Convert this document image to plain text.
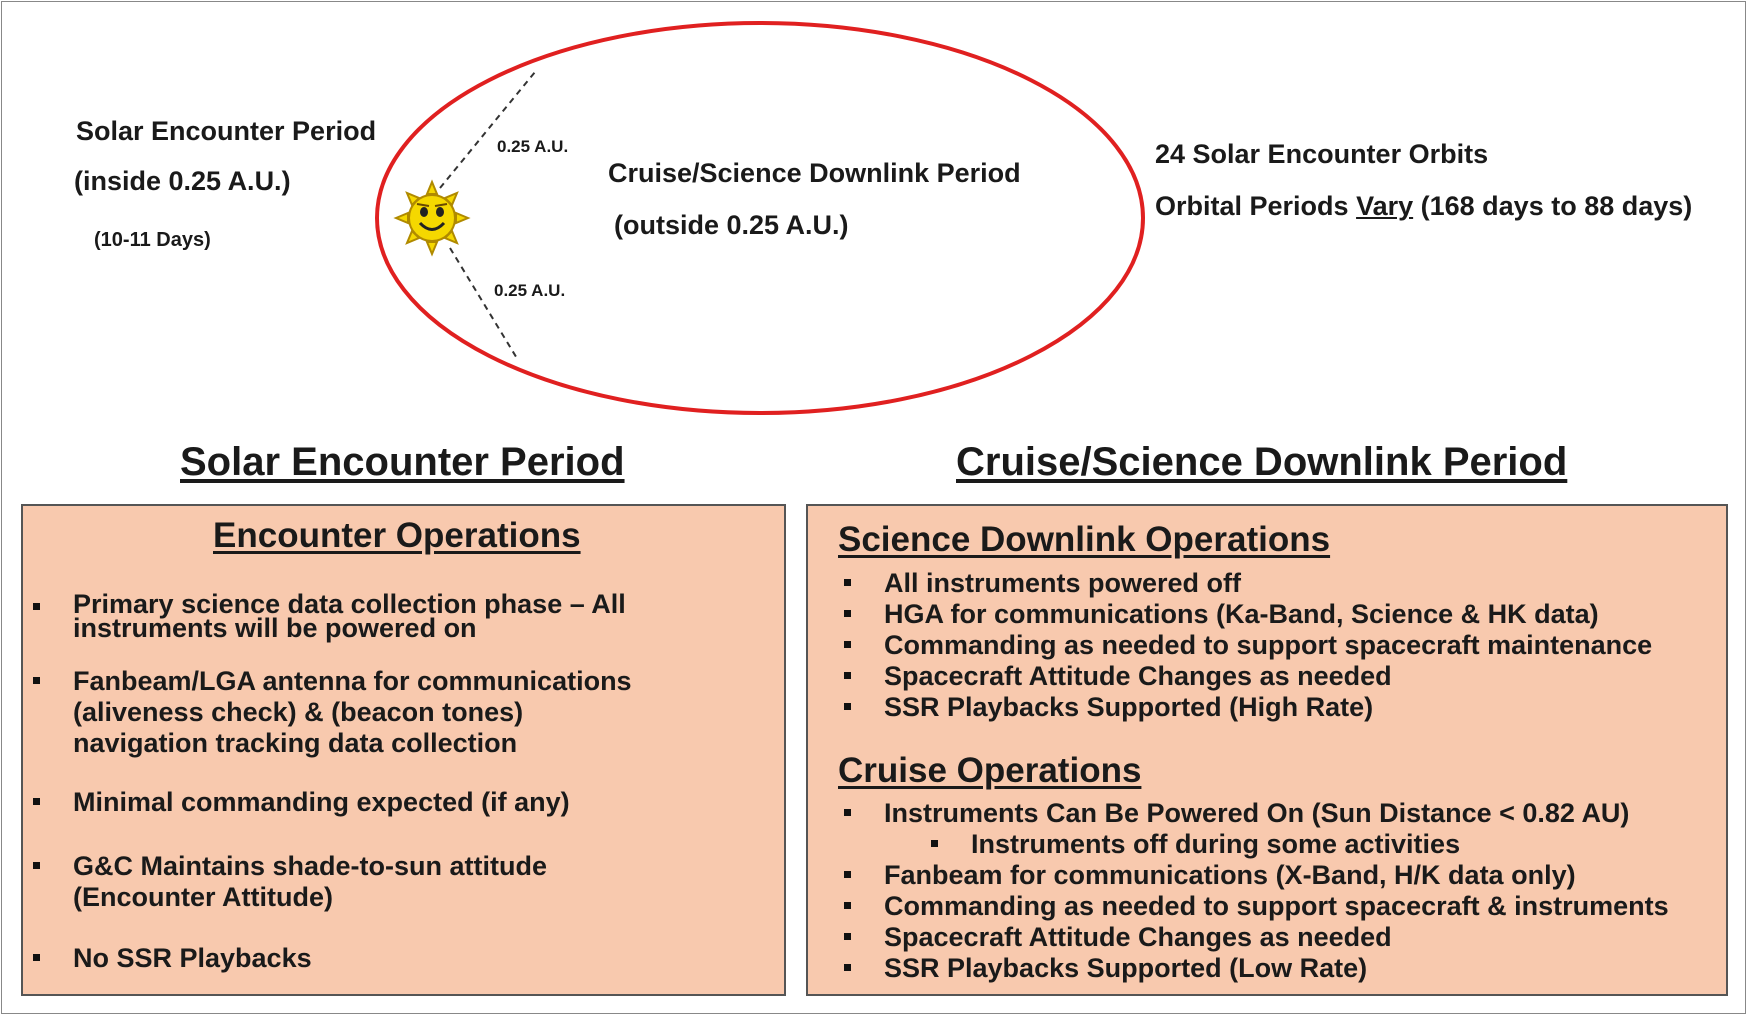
Solar Encounter Period
(inside 0.25 A.U.)
(10-11 Days)
0.25 A.U.
0.25 A.U.
Cruise/Science Downlink Period
(outside 0.25 A.U.)
24 Solar Encounter Orbits
Orbital Periods Vary (168 days to 88 days)
Solar Encounter Period	Cruise/Science Downlink Period
Encounter Operations
Primary science data collection phase – All
instruments will be powered on
Fanbeam/LGA antenna for communications
(aliveness check) & (beacon tones)
navigation tracking data collection
Minimal commanding expected (if any)
G&C Maintains shade-to-sun attitude
(Encounter Attitude)
No SSR Playbacks
Science Downlink Operations
All instruments powered off
HGA for communications (Ka-Band, Science & HK data)
Commanding as needed to support spacecraft maintenance
Spacecraft Attitude Changes as needed
SSR Playbacks Supported (High Rate)
Cruise Operations
Instruments Can Be Powered On (Sun Distance < 0.82 AU)
Instruments off during some activities
Fanbeam for communications (X-Band, H/K data only)
Commanding as needed to support spacecraft & instruments
Spacecraft Attitude Changes as needed
SSR Playbacks Supported (Low Rate)
